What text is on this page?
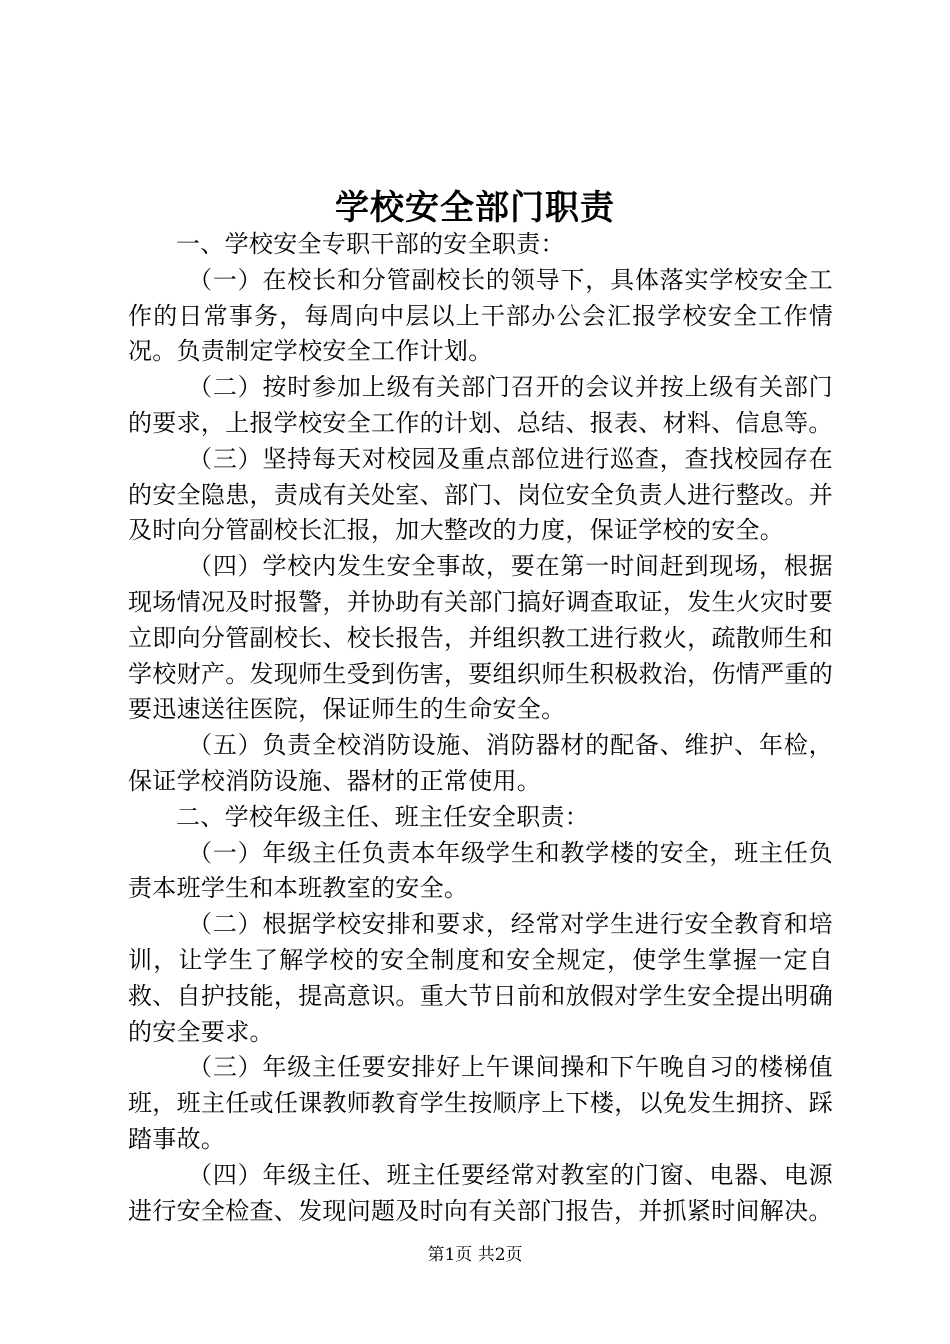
学校安全部门职责

一、学校安全专职干部的安全职责：

（一）在校长和分管副校长的领导下，具体落实学校安全工作的日常事务，每周向中层以上干部办公会汇报学校安全工作情况。负责制定学校安全工作计划。

（二）按时参加上级有关部门召开的会议并按上级有关部门的要求，上报学校安全工作的计划、总结、报表、材料、信息等。

（三）坚持每天对校园及重点部位进行巡查，查找校园存在的安全隐患，责成有关处室、部门、岗位安全负责人进行整改。并及时向分管副校长汇报，加大整改的力度，保证学校的安全。

（四）学校内发生安全事故，要在第一时间赶到现场，根据现场情况及时报警，并协助有关部门搞好调查取证，发生火灾时要立即向分管副校长、校长报告，并组织教工进行救火，疏散师生和学校财产。发现师生受到伤害，要组织师生积极救治，伤情严重的要迅速送往医院，保证师生的生命安全。

（五）负责全校消防设施、消防器材的配备、维护、年检，保证学校消防设施、器材的正常使用。

二、学校年级主任、班主任安全职责：

（一）年级主任负责本年级学生和教学楼的安全，班主任负责本班学生和本班教室的安全。

（二）根据学校安排和要求，经常对学生进行安全教育和培训，让学生了解学校的安全制度和安全规定，使学生掌握一定自救、自护技能，提高意识。重大节日前和放假对学生安全提出明确的安全要求。

（三）年级主任要安排好上午课间操和下午晚自习的楼梯值班，班主任或任课教师教育学生按顺序上下楼，以免发生拥挤、踩踏事故。

（四）年级主任、班主任要经常对教室的门窗、电器、电源进行安全检查、发现问题及时向有关部门报告，并抓紧时间解决。

第1页 共2页
